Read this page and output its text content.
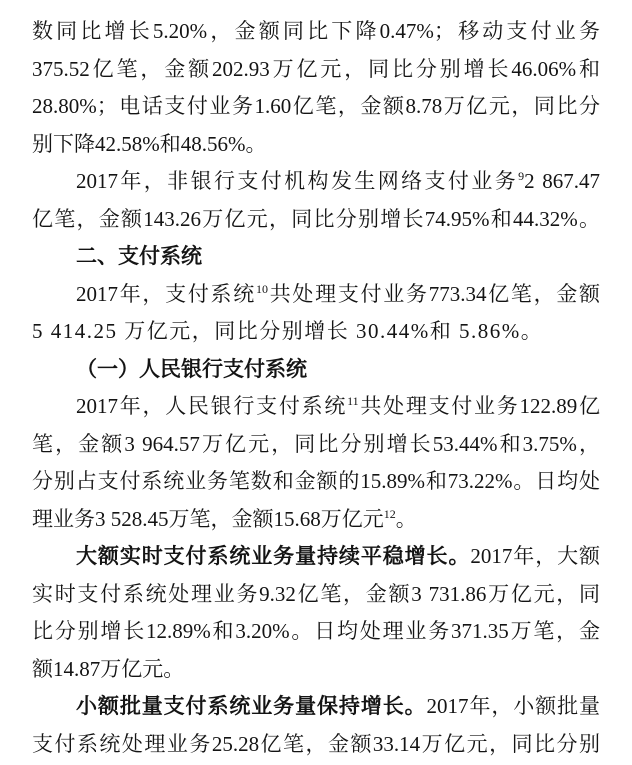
数同比增长5.20%，金额同比下降0.47%；移动支付业务
375.52亿笔，金额202.93万亿元，同比分别增长46.06%和
28.80%；电话支付业务1.60亿笔，金额8.78万亿元，同比分
别下降42.58%和48.56%。
2017年，非银行支付机构发生网络支付业务$^9$2 867.47
亿笔，金额143.26万亿元，同比分别增长74.95%和44.32%。
二、支付系统
2017年，支付系统$^{10}$共处理支付业务773.34亿笔，金额
5 414.25 万亿元，同比分别增长 30.44%和 5.86%。
（一）人民银行支付系统
2017年，人民银行支付系统$^{11}$共处理支付业务122.89亿
笔，金额3 964.57万亿元，同比分别增长53.44%和3.75%，
分别占支付系统业务笔数和金额的15.89%和73.22%。日均处
理业务3 528.45万笔，金额15.68万亿元$^{12}$。
大额实时支付系统业务量持续平稳增长。2017年，大额
实时支付系统处理业务9.32亿笔，金额3 731.86万亿元，同
比分别增长12.89%和3.20%。日均处理业务371.35万笔，金
额14.87万亿元。
小额批量支付系统业务量保持增长。2017年，小额批量
支付系统处理业务25.28亿笔，金额33.14万亿元，同比分别
